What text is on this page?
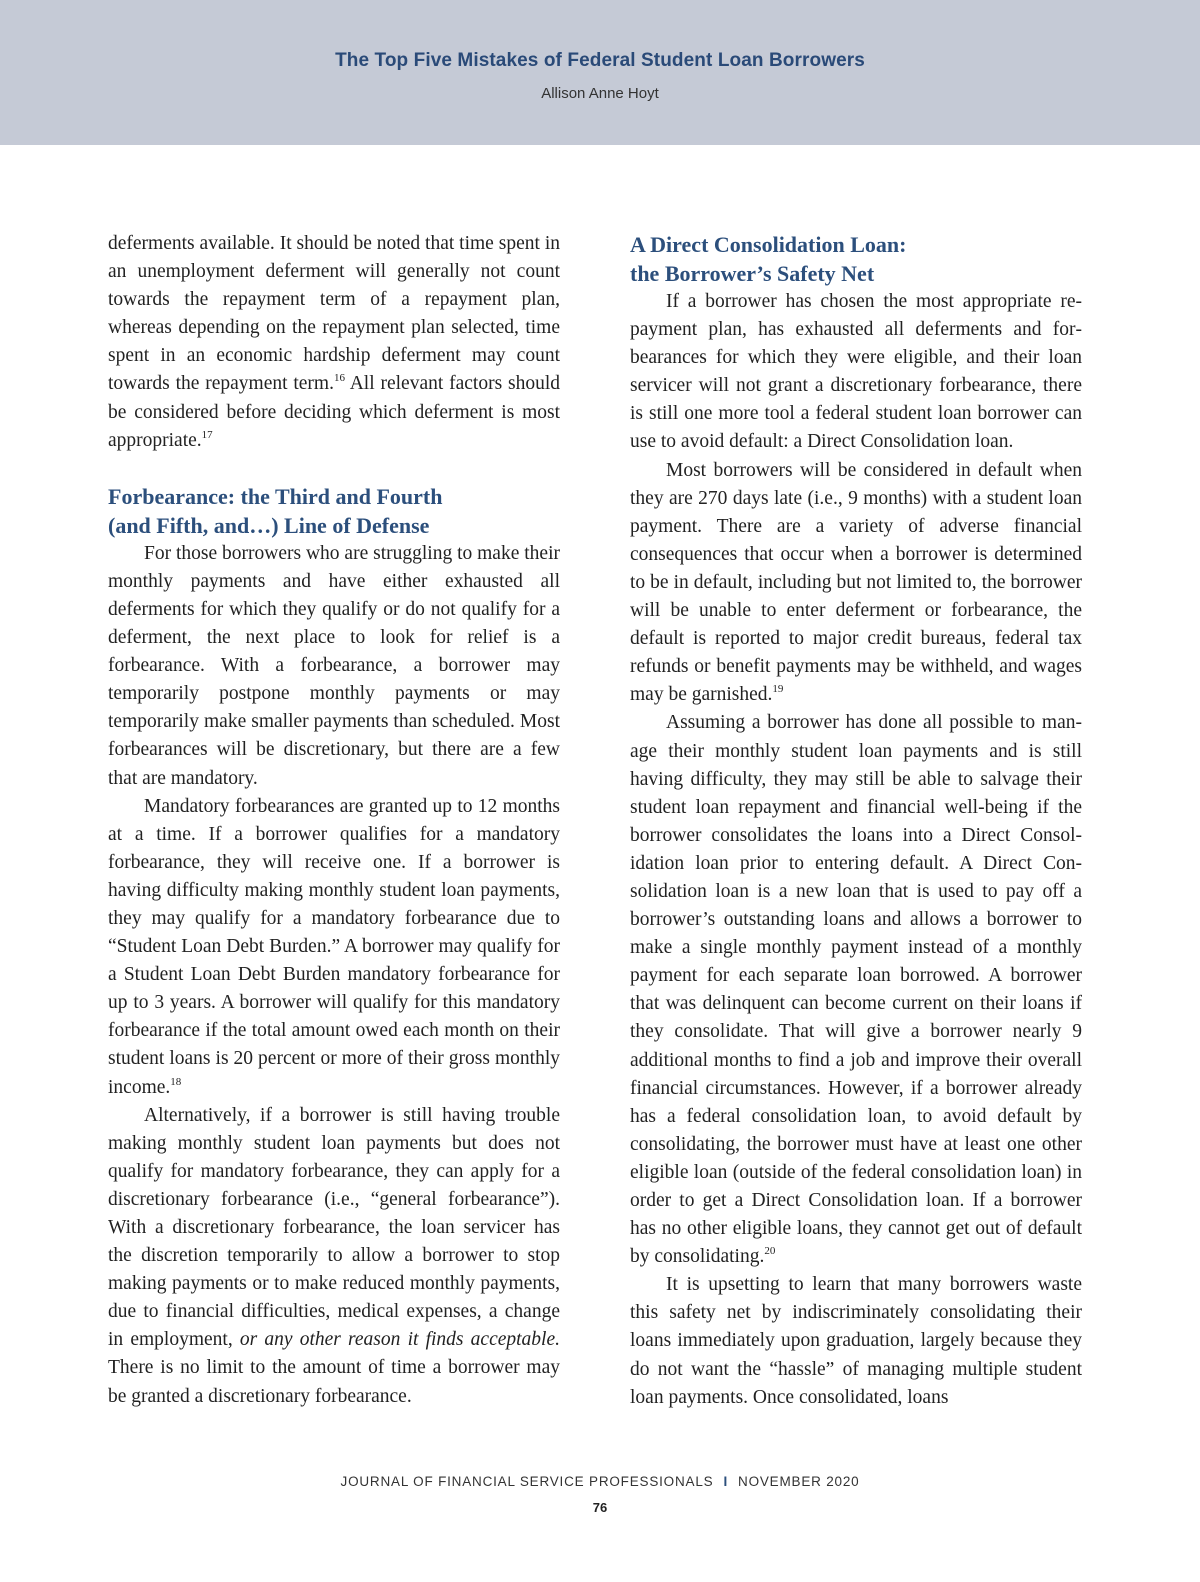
The Top Five Mistakes of Federal Student Loan Borrowers
Allison Anne Hoyt

deferments available. It should be noted that time spent in an unemployment deferment will generally not count towards the repayment term of a repayment plan, whereas depending on the repayment plan selected, time spent in an economic hardship deferment may count towards the repayment term.$^{16}$ All relevant factors should be considered before deciding which deferment is most appropriate.$^{17}$

Forbearance: the Third and Fourth
(and Fifth, and…) Line of Defense

For those borrowers who are struggling to make their monthly payments and have either exhausted all deferments for which they qualify or do not qualify for a deferment, the next place to look for relief is a forbearance. With a forbearance, a borrower may temporarily postpone monthly payments or may temporarily make smaller payments than scheduled. Most forbearances will be discretionary, but there are a few that are mandatory.

Mandatory forbearances are granted up to 12 months at a time. If a borrower qualifies for a mandatory forbearance, they will receive one. If a borrower is having difficulty making monthly student loan payments, they may qualify for a mandatory forbearance due to “Student Loan Debt Burden.” A borrower may qualify for a Student Loan Debt Burden mandatory forbearance for up to 3 years. A borrower will qualify for this mandatory forbearance if the total amount owed each month on their student loans is 20 percent or more of their gross monthly income.$^{18}$

Alternatively, if a borrower is still having trouble making monthly student loan payments but does not qualify for mandatory forbearance, they can apply for a discretionary forbearance (i.e., “general forbearance”). With a discretionary forbearance, the loan servicer has the discretion temporarily to allow a borrower to stop making payments or to make reduced monthly payments, due to financial difficulties, medical expenses, a change in employment, or any other reason it finds acceptable. There is no limit to the amount of time a borrower may be granted a discretionary forbearance.

A Direct Consolidation Loan:
the Borrower’s Safety Net

If a borrower has chosen the most appropriate repayment plan, has exhausted all deferments and forbearances for which they were eligible, and their loan servicer will not grant a discretionary forbearance, there is still one more tool a federal student loan borrower can use to avoid default: a Direct Consolidation loan.

Most borrowers will be considered in default when they are 270 days late (i.e., 9 months) with a student loan payment. There are a variety of adverse financial consequences that occur when a borrower is determined to be in default, including but not limited to, the borrower will be unable to enter deferment or forbearance, the default is reported to major credit bureaus, federal tax refunds or benefit payments may be withheld, and wages may be garnished.$^{19}$

Assuming a borrower has done all possible to manage their monthly student loan payments and is still having difficulty, they may still be able to salvage their student loan repayment and financial well-being if the borrower consolidates the loans into a Direct Consolidation loan prior to entering default. A Direct Consolidation loan is a new loan that is used to pay off a borrower’s outstanding loans and allows a borrower to make a single monthly payment instead of a monthly payment for each separate loan borrowed. A borrower that was delinquent can become current on their loans if they consolidate. That will give a borrower nearly 9 additional months to find a job and improve their overall financial circumstances. However, if a borrower already has a federal consolidation loan, to avoid default by consolidating, the borrower must have at least one other eligible loan (outside of the federal consolidation loan) in order to get a Direct Consolidation loan. If a borrower has no other eligible loans, they cannot get out of default by consolidating.$^{20}$

It is upsetting to learn that many borrowers waste this safety net by indiscriminately consolidating their loans immediately upon graduation, largely because they do not want the “hassle” of managing multiple student loan payments. Once consolidated, loans

JOURNAL OF FINANCIAL SERVICE PROFESSIONALS I NOVEMBER 2020
76
